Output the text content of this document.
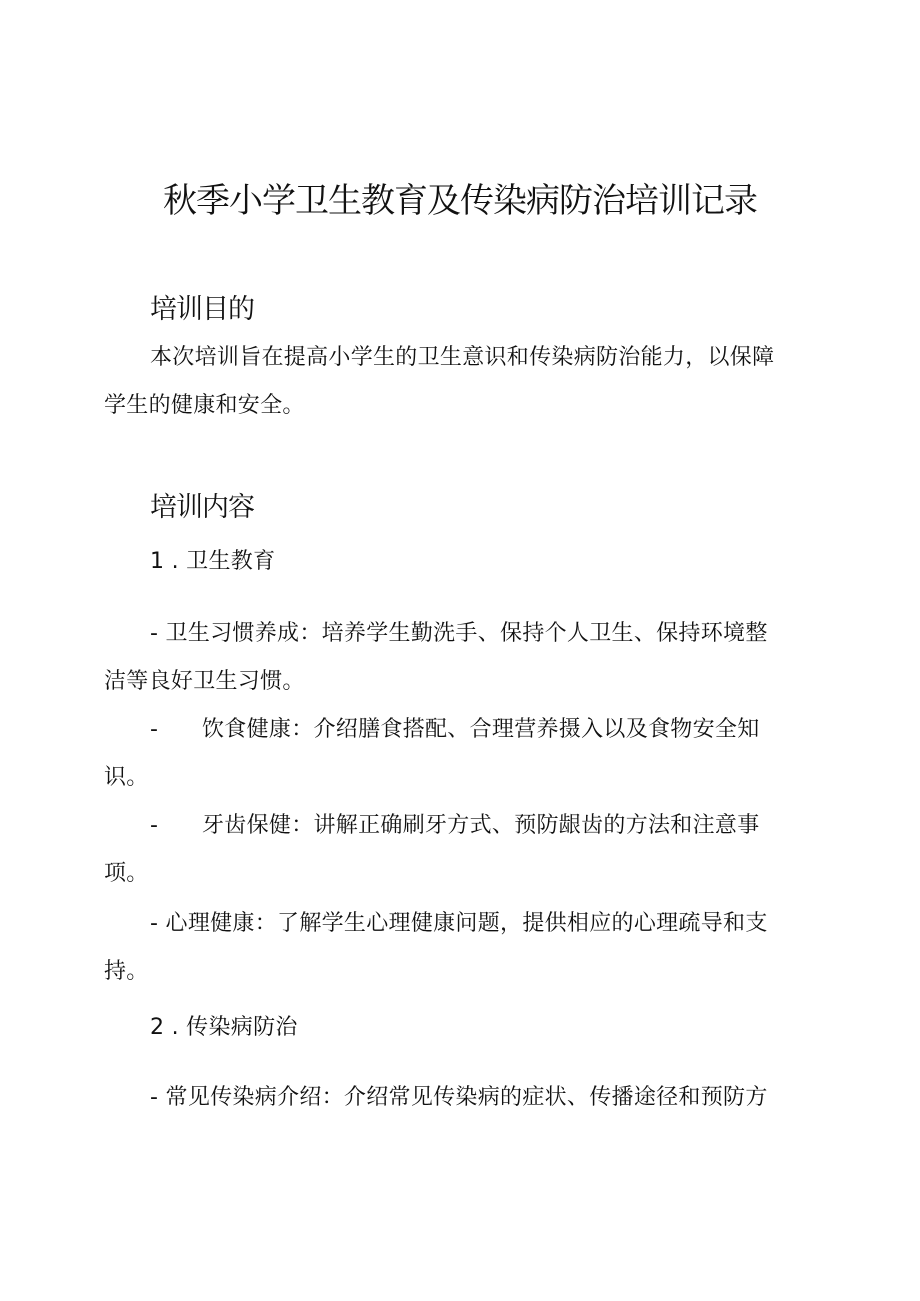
秋季小学卫生教育及传染病防治培训记录
培训目的
本次培训旨在提高小学生的卫生意识和传染病防治能力，以保障
学生的健康和安全。
培训内容
1 . 卫生教育
- 卫生习惯养成：培养学生勤洗手、保持个人卫生、保持环境整
洁等良好卫生习惯。
- 饮食健康：介绍膳食搭配、合理营养摄入以及食物安全知
识。
- 牙齿保健：讲解正确刷牙方式、预防龈齿的方法和注意事
项。
- 心理健康：了解学生心理健康问题，提供相应的心理疏导和支
持。
2 . 传染病防治
- 常见传染病介绍：介绍常见传染病的症状、传播途径和预防方
